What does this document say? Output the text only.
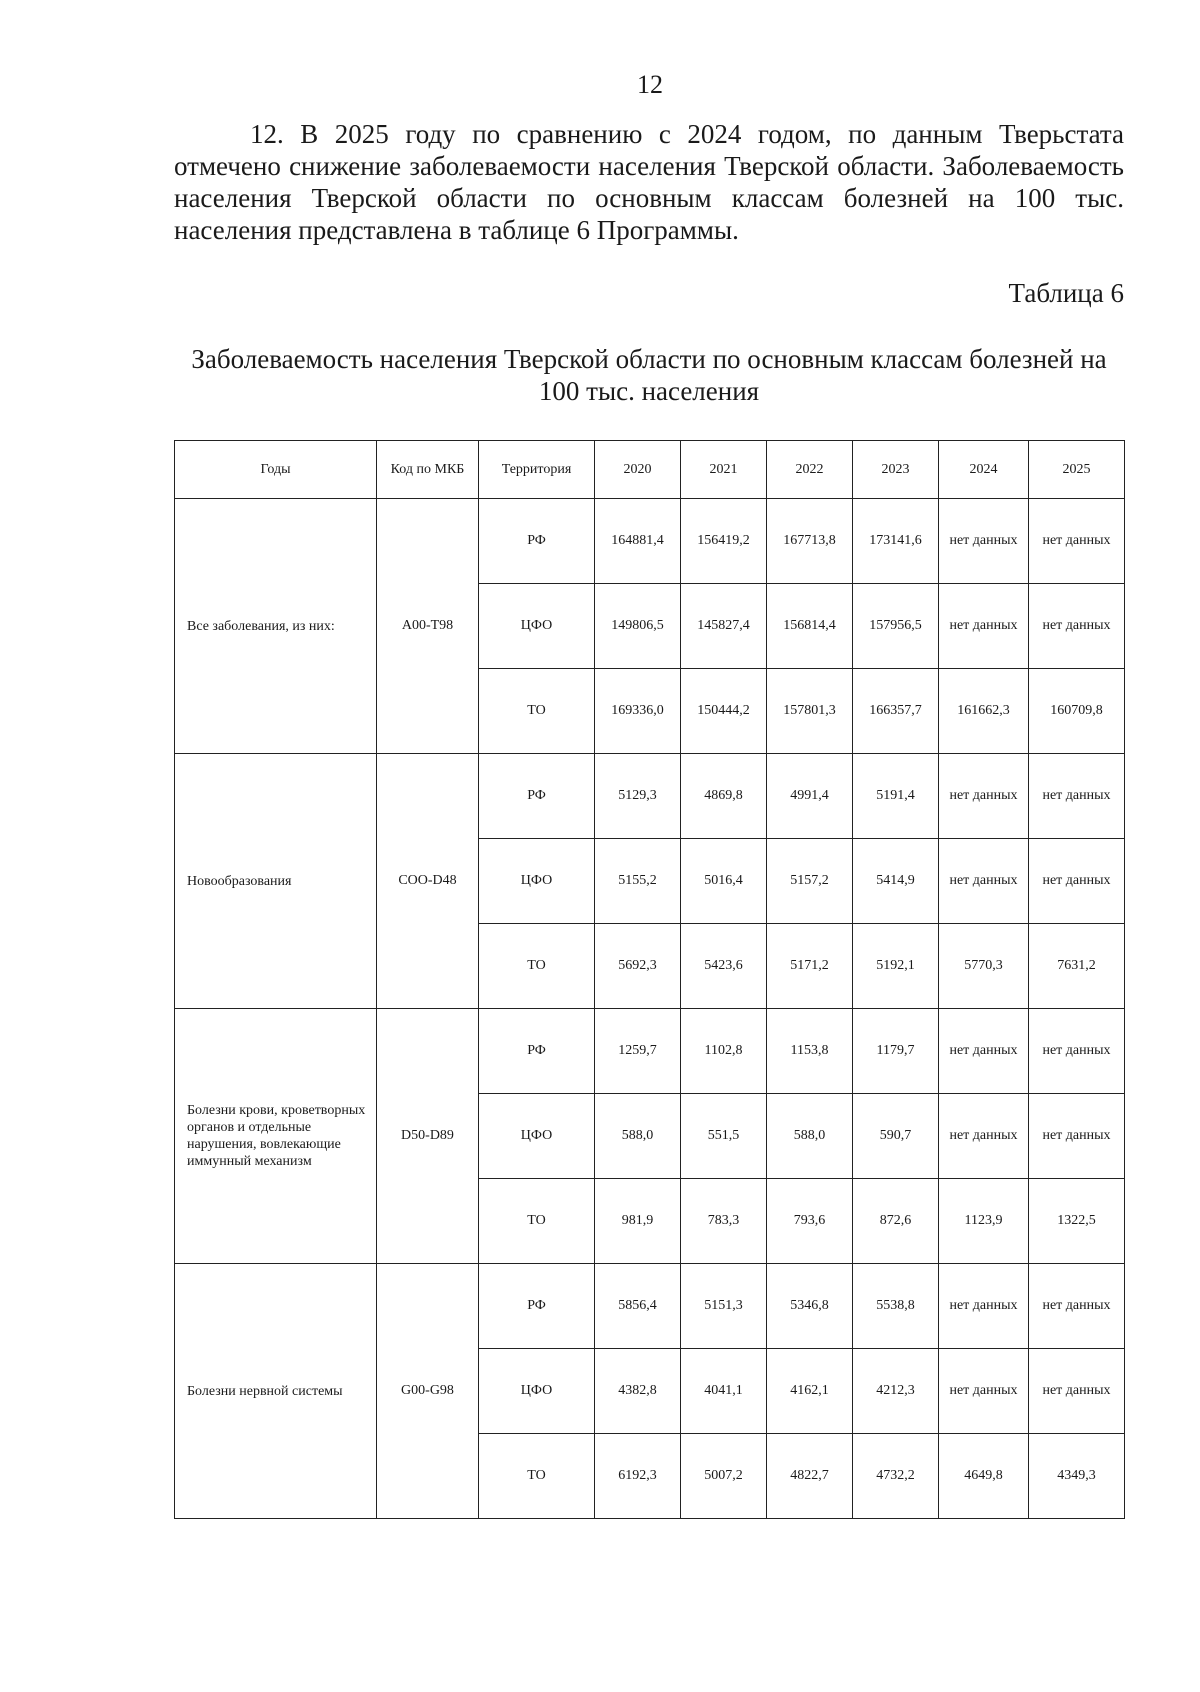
12

12. В 2025 году по сравнению с 2024 годом, по данным Тверьстата отмечено снижение заболеваемости населения Тверской области. Заболеваемость населения Тверской области по основным классам болезней на 100 тыс. населения представлена в таблице 6 Программы.

Таблица 6
Заболеваемость населения Тверской области по основным классам болезней на 100 тыс. населения
Годы	Код по МКБ	Территория	2020	2021	2022	2023	2024	2025
Все заболевания, из них:	A00-T98	РФ	164881,4	156419,2	167713,8	173141,6	нет данных	нет данных
		ЦФО	149806,5	145827,4	156814,4	157956,5	нет данных	нет данных
		ТО	169336,0	150444,2	157801,3	166357,7	161662,3	160709,8
Новообразования	COO-D48	РФ	5129,3	4869,8	4991,4	5191,4	нет данных	нет данных
		ЦФО	5155,2	5016,4	5157,2	5414,9	нет данных	нет данных
		ТО	5692,3	5423,6	5171,2	5192,1	5770,3	7631,2
Болезни крови, кроветворных органов и отдельные нарушения, вовлекающие иммунный механизм	D50-D89	РФ	1259,7	1102,8	1153,8	1179,7	нет данных	нет данных
		ЦФО	588,0	551,5	588,0	590,7	нет данных	нет данных
		ТО	981,9	783,3	793,6	872,6	1123,9	1322,5
Болезни нервной системы	G00-G98	РФ	5856,4	5151,3	5346,8	5538,8	нет данных	нет данных
		ЦФО	4382,8	4041,1	4162,1	4212,3	нет данных	нет данных
		ТО	6192,3	5007,2	4822,7	4732,2	4649,8	4349,3
